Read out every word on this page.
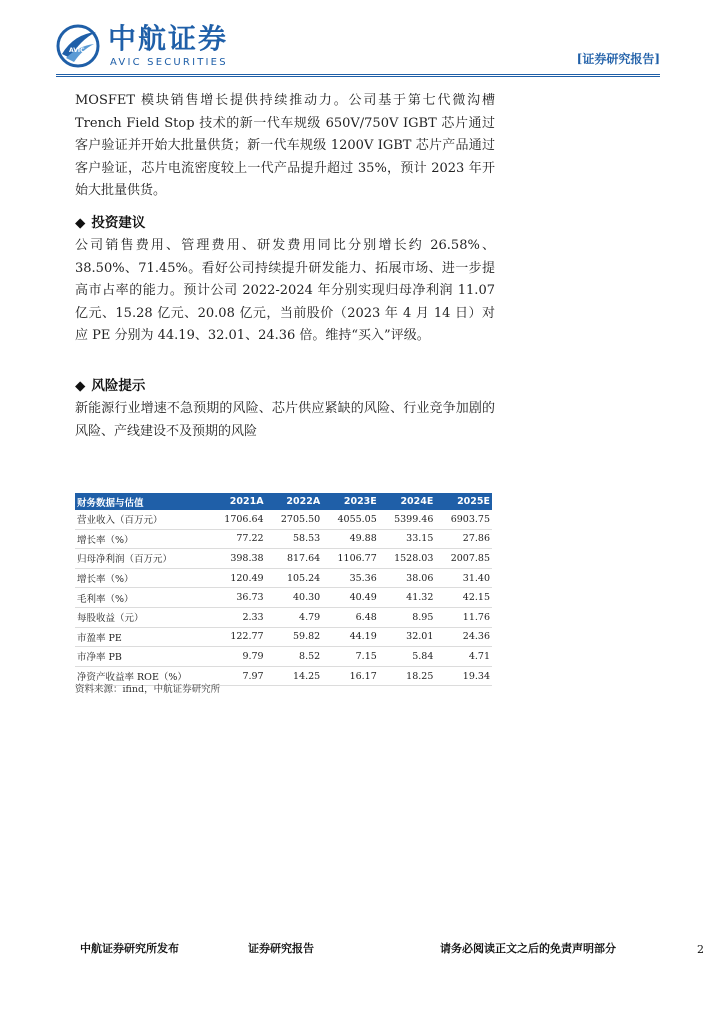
AVIC 中航证券
AVIC SECURITIES	[证券研究报告]
MOSFET 模块销售增长提供持续推动力。公司基于第七代微沟槽 Trench Field Stop 技术的新一代车规级 650V/750V IGBT 芯片通过客户验证并开始大批量供货；新一代车规级 1200V IGBT 芯片产品通过客户验证，芯片电流密度较上一代产品提升超过 35%，预计 2023 年开始大批量供货。
◆ 投资建议
公司销售费用、管理费用、研发费用同比分别增长约 26.58%、38.50%、71.45%。看好公司持续提升研发能力、拓展市场、进一步提高市占率的能力。预计公司 2022-2024 年分别实现归母净利润 11.07 亿元、15.28 亿元、20.08 亿元，当前股价（2023 年 4 月 14 日）对应 PE 分别为 44.19、32.01、24.36 倍。维持“买入”评级。
◆ 风险提示
新能源行业增速不急预期的风险、芯片供应紧缺的风险、行业竞争加剧的风险、产线建设不及预期的风险
财务数据与估值	2021A	2022A	2023E	2024E	2025E
营业收入（百万元）	1706.64	2705.50	4055.05	5399.46	6903.75
增长率（%）	77.22	58.53	49.88	33.15	27.86
归母净利润（百万元）	398.38	817.64	1106.77	1528.03	2007.85
增长率（%）	120.49	105.24	35.36	38.06	31.40
毛利率（%）	36.73	40.30	40.49	41.32	42.15
每股收益（元）	2.33	4.79	6.48	8.95	11.76
市盈率 PE	122.77	59.82	44.19	32.01	24.36
市净率 PB	9.79	8.52	7.15	5.84	4.71
净资产收益率 ROE（%）	7.97	14.25	16.17	18.25	19.34
资料来源：ifind，中航证券研究所
中航证券研究所发布	证券研究报告	请务必阅读正文之后的免责声明部分	2
